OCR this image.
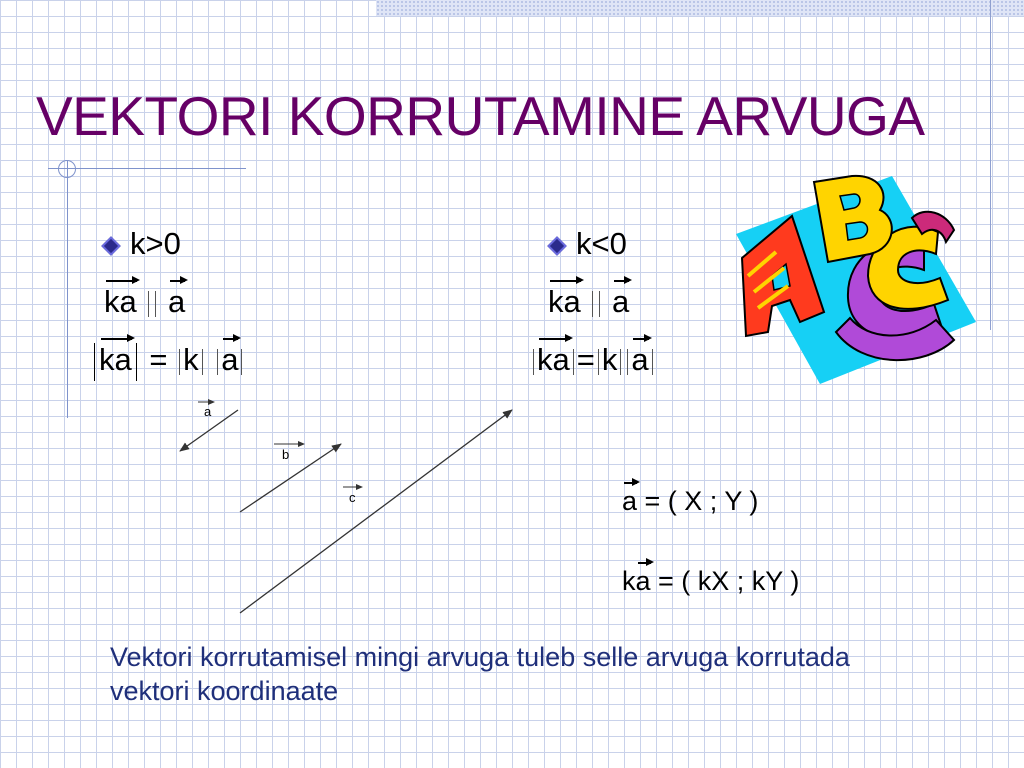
VEKTORI KORRUTAMINE ARVUGA
k>0
ka a
ka = k a
k<0
ka a
ka = k a
a
b
c	a = ( X ; Y )
ka = ( kX ; kY )

Vektori korrutamisel mingi arvuga tuleb selle arvuga korrutada vektori koordinaate
